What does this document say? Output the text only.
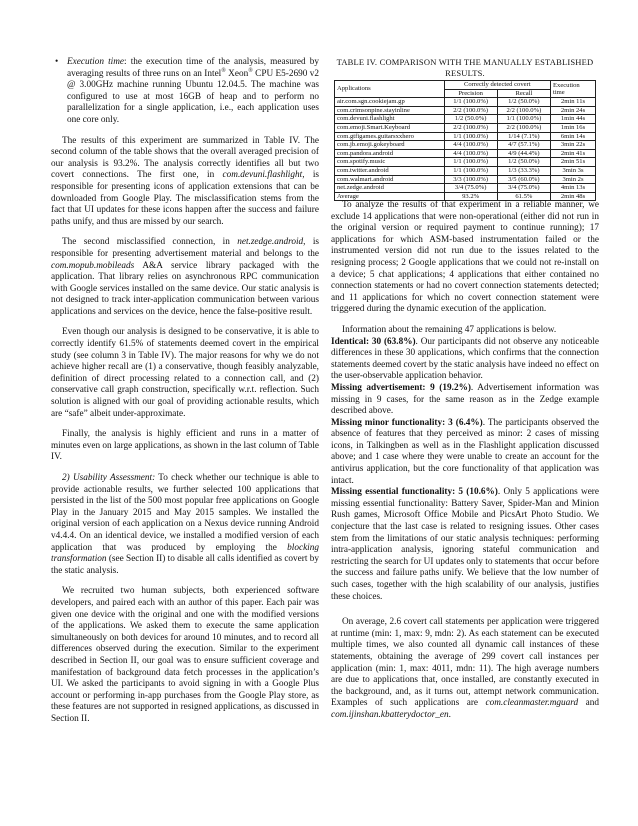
• Execution time: the execution time of the analysis, measured by averaging results of three runs on an Intel® Xeon® CPU E5-2690 v2 @ 3.00GHz machine running Ubuntu 12.04.5. The machine was configured to use at most 16GB of heap and to perform no parallelization for a single application, i.e., each application uses one core only.

The results of this experiment are summarized in Table IV. The second column of the table shows that the overall averaged precision of our analysis is 93.2%. The analysis correctly identifies all but two covert connections. The first one, in com.devuni.flashlight, is responsible for presenting icons of application extensions that can be downloaded from Google Play. The misclassification stems from the fact that UI updates for these icons happen after the success and failure paths unify, and thus are missed by our search.

The second misclassified connection, in net.zedge.android, is responsible for presenting advertisement material and belongs to the com.mopub.mobileads A&A service library packaged with the application. That library relies on asynchronous RPC communication with Google services installed on the same device. Our static analysis is not designed to track inter-application communication between various applications and services on the device, hence the false-positive result.

Even though our analysis is designed to be conservative, it is able to correctly identify 61.5% of statements deemed covert in the empirical study (see column 3 in Table IV). The major reasons for why we do not achieve higher recall are (1) a conservative, though feasibly analyzable, definition of direct processing related to a connection call, and (2) conservative call graph construction, specifically w.r.t. reflection. Such solution is aligned with our goal of providing actionable results, which are “safe” albeit under-approximate.

Finally, the analysis is highly efficient and runs in a matter of minutes even on large applications, as shown in the last column of Table IV.

2) Usability Assessment: To check whether our technique is able to provide actionable results, we further selected 100 applications that persisted in the list of the 500 most popular free applications on Google Play in the January 2015 and May 2015 samples. We installed the original version of each application on a Nexus device running Android v4.4.4. On an identical device, we installed a modified version of each application that was produced by employing the blocking transformation (see Section II) to disable all calls identified as covert by the static analysis.

We recruited two human subjects, both experienced software developers, and paired each with an author of this paper. Each pair was given one device with the original and one with the modified versions of the applications. We asked them to execute the same application simultaneously on both devices for around 10 minutes, and to record all differences observed during the execution. Similar to the experiment described in Section II, our goal was to ensure sufficient coverage and manifestation of background data fetch processes in the application’s UI. We asked the participants to avoid signing in with a Google Plus account or performing in-app purchases from the Google Play store, as these features are not supported in resigned applications, as discussed in Section II.

TABLE IV. COMPARISON WITH THE MANUALLY ESTABLISHED
RESULTS.
Applications	Correctly detected covert		Execution time
	Precision	Recall	
air.com.sgn.cookiejam.gp	1/1 (100.0%)	1/2 (50.0%)	2min 11s
com.crimsonpine.stayinline	2/2 (100.0%)	2/2 (100.0%)	2min 24s
com.devuni.flashlight	1/2 (50.0%)	1/1 (100.0%)	1min 44s
com.emoji.Smart.Keyboard	2/2 (100.0%)	2/2 (100.0%)	1min 16s
com.gtfigames.guitarsxxhero	1/1 (100.0%)	1/14 (7.1%)	6min 14s
com.jb.emoji.gokeyboard	4/4 (100.0%)	4/7 (57.1%)	3min 22s
com.pandora.android	4/4 (100.0%)	4/9 (44.4%)	2min 41s
com.spotify.music	1/1 (100.0%)	1/2 (50.0%)	2min 51s
com.twitter.android	1/1 (100.0%)	1/3 (33.3%)	3min 3s
com.walmart.android	3/3 (100.0%)	3/5 (60.0%)	3min 2s
net.zedge.android	3/4 (75.0%)	3/4 (75.0%)	4min 13s
Average	93.2%	61.5%	2min 48s

To analyze the results of that experiment in a reliable manner, we exclude 14 applications that were non-operational (either did not run in the original version or required payment to continue running); 17 applications for which ASM-based instrumentation failed or the instrumented version did not run due to the issues related to the resigning process; 2 Google applications that we could not re-install on a device; 5 chat applications; 4 applications that either contained no connection statements or had no covert connection statements detected; and 11 applications for which no covert connection statement were triggered during the dynamic execution of the application.

Information about the remaining 47 applications is below.

Identical: 30 (63.8%). Our participants did not observe any noticeable differences in these 30 applications, which confirms that the connection statements deemed covert by the static analysis have indeed no effect on the user-observable application behavior.

Missing advertisement: 9 (19.2%). Advertisement information was missing in 9 cases, for the same reason as in the Zedge example described above.

Missing minor functionality: 3 (6.4%). The participants observed the absence of features that they perceived as minor: 2 cases of missing icons, in Talkingben as well as in the Flashlight application discussed above; and 1 case where they were unable to create an account for the antivirus application, but the core functionality of that application was intact.

Missing essential functionality: 5 (10.6%). Only 5 applications were missing essential functionality: Battery Saver, Spider-Man and Minion Rush games, Microsoft Office Mobile and PicsArt Photo Studio. We conjecture that the last case is related to resigning issues. Other cases stem from the limitations of our static analysis techniques: performing intra-application analysis, ignoring stateful communication and restricting the search for UI updates only to statements that occur before the success and failure paths unify. We believe that the low number of such cases, together with the high scalability of our analysis, justifies these choices.

On average, 2.6 covert call statements per application were triggered at runtime (min: 1, max: 9, mdn: 2). As each statement can be executed multiple times, we also counted all dynamic call instances of these statements, obtaining the average of 299 covert call instances per application (min: 1, max: 4011, mdn: 11). The high average numbers are due to applications that, once installed, are constantly executed in the background, and, as it turns out, attempt network communication. Examples of such applications are com.cleanmaster.mguard and com.ijinshan.kbatterydoctor_en.
